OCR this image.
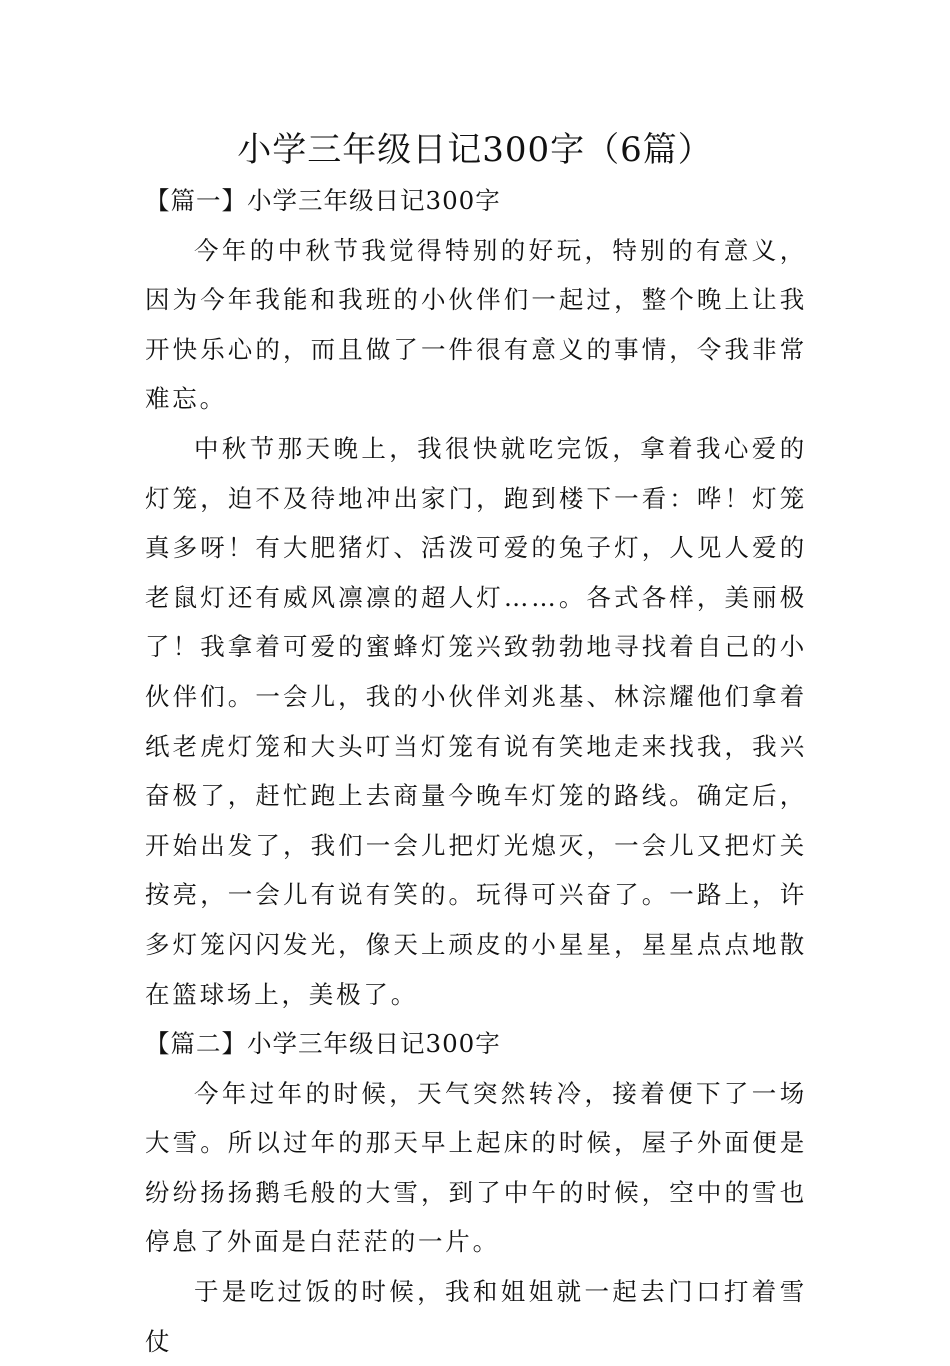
小学三年级日记300字（6篇）

【篇一】小学三年级日记300字

今年的中秋节我觉得特别的好玩，特别的有意义，因为今年我能和我班的小伙伴们一起过，整个晚上让我开快乐心的，而且做了一件很有意义的事情，令我非常难忘。

中秋节那天晚上，我很快就吃完饭，拿着我心爱的灯笼，迫不及待地冲出家门，跑到楼下一看：哗！灯笼真多呀！有大肥猪灯、活泼可爱的兔子灯，人见人爱的老鼠灯还有威风凛凛的超人灯……。各式各样，美丽极了！我拿着可爱的蜜蜂灯笼兴致勃勃地寻找着自己的小伙伴们。一会儿，我的小伙伴刘兆基、林淙耀他们拿着纸老虎灯笼和大头叮当灯笼有说有笑地走来找我，我兴奋极了，赶忙跑上去商量今晚车灯笼的路线。确定后，开始出发了，我们一会儿把灯光熄灭，一会儿又把灯关按亮，一会儿有说有笑的。玩得可兴奋了。一路上，许多灯笼闪闪发光，像天上顽皮的小星星，星星点点地散在篮球场上，美极了。

【篇二】小学三年级日记300字

今年过年的时候，天气突然转冷，接着便下了一场大雪。所以过年的那天早上起床的时候，屋子外面便是纷纷扬扬鹅毛般的大雪，到了中午的时候，空中的雪也停息了外面是白茫茫的一片。

于是吃过饭的时候，我和姐姐就一起去门口打着雪仗
